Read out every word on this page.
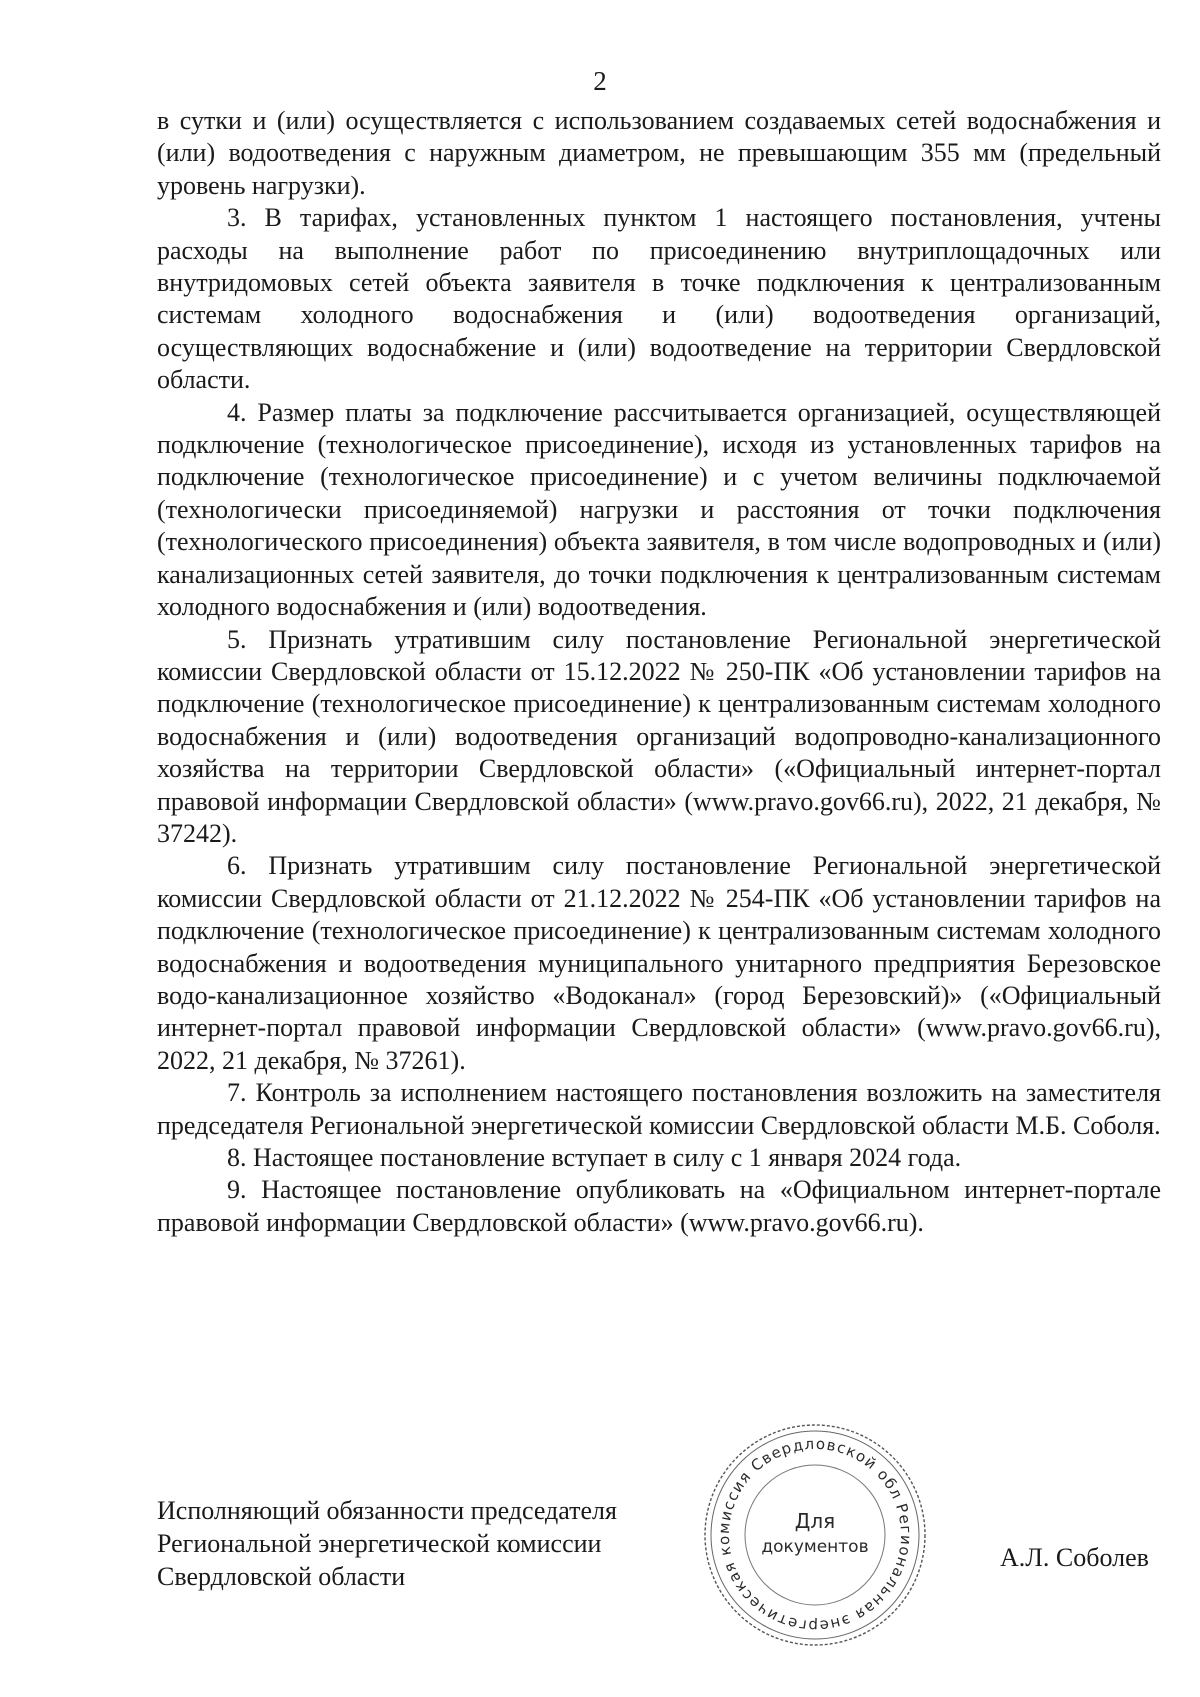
2

в сутки и (или) осуществляется с использованием создаваемых сетей водоснабжения и (или) водоотведения с наружным диаметром, не превышающим 355 мм (предельный уровень нагрузки).

3. В тарифах, установленных пунктом 1 настоящего постановления, учтены расходы на выполнение работ по присоединению внутриплощадочных или внутридомовых сетей объекта заявителя в точке подключения к централизованным системам холодного водоснабжения и (или) водоотведения организаций, осуществляющих водоснабжение и (или) водоотведение на территории Свердловской области.

4. Размер платы за подключение рассчитывается организацией, осуществляющей подключение (технологическое присоединение), исходя из установленных тарифов на подключение (технологическое присоединение) и с учетом величины подключаемой (технологически присоединяемой) нагрузки и расстояния от точки подключения (технологического присоединения) объекта заявителя, в том числе водопроводных и (или) канализационных сетей заявителя, до точки подключения к централизованным системам холодного водоснабжения и (или) водоотведения.

5. Признать утратившим силу постановление Региональной энергетической комиссии Свердловской области от 15.12.2022 № 250-ПК «Об установлении тарифов на подключение (технологическое присоединение) к централизованным системам холодного водоснабжения и (или) водоотведения организаций водопроводно-канализационного хозяйства на территории Свердловской области» («Официальный интернет-портал правовой информации Свердловской области» (www.pravo.gov66.ru), 2022, 21 декабря, № 37242).

6. Признать утратившим силу постановление Региональной энергетической комиссии Свердловской области от 21.12.2022 № 254-ПК «Об установлении тарифов на подключение (технологическое присоединение) к централизованным системам холодного водоснабжения и водоотведения муниципального унитарного предприятия Березовское водо-канализационное хозяйство «Водоканал» (город Березовский)» («Официальный интернет-портал правовой информации Свердловской области» (www.pravo.gov66.ru), 2022, 21 декабря, № 37261).

7. Контроль за исполнением настоящего постановления возложить на заместителя председателя Региональной энергетической комиссии Свердловской области М.Б. Соболя.

8. Настоящее постановление вступает в силу с 1 января 2024 года.

9. Настоящее постановление опубликовать на «Официальном интернет-портале правовой информации Свердловской области» (www.pravo.gov66.ru).

Исполняющий обязанности председателя
Региональной энергетической комиссии
Свердловской области
Региональная энергетическая комиссия Свердловской области
Для
документов	А.Л. Соболев
